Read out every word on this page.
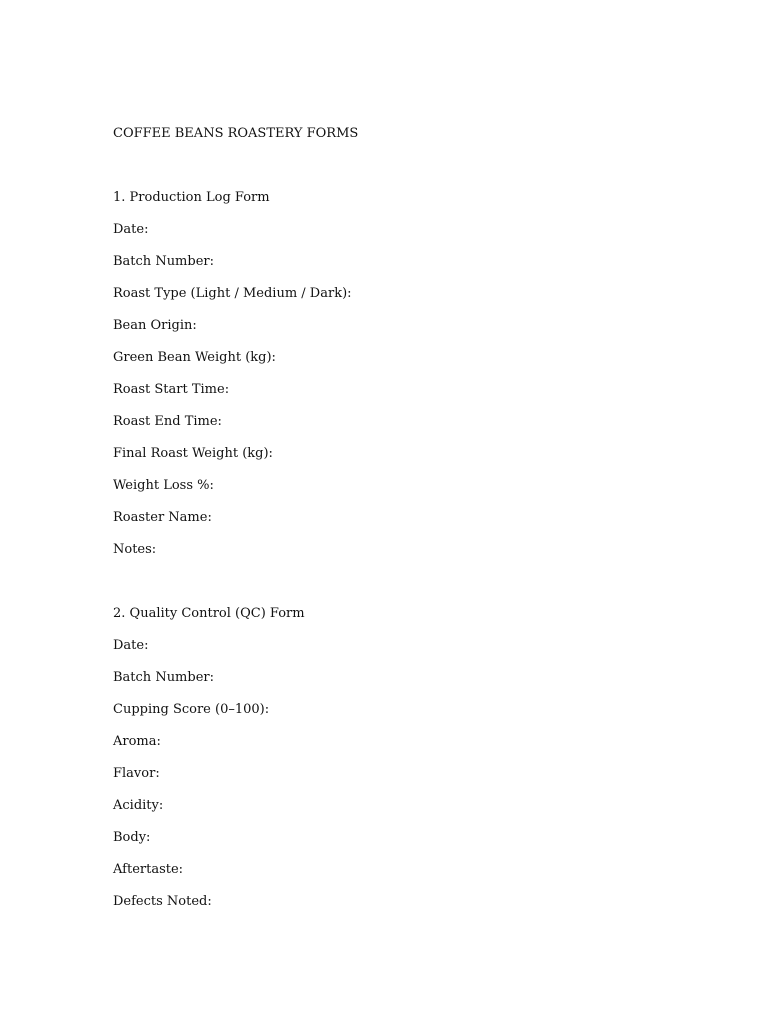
COFFEE BEANS ROASTERY FORMS
1. Production Log Form
Date:
Batch Number:
Roast Type (Light / Medium / Dark):
Bean Origin:
Green Bean Weight (kg):
Roast Start Time:
Roast End Time:
Final Roast Weight (kg):
Weight Loss %:
Roaster Name:
Notes:
2. Quality Control (QC) Form
Date:
Batch Number:
Cupping Score (0–100):
Aroma:
Flavor:
Acidity:
Body:
Aftertaste:
Defects Noted:
